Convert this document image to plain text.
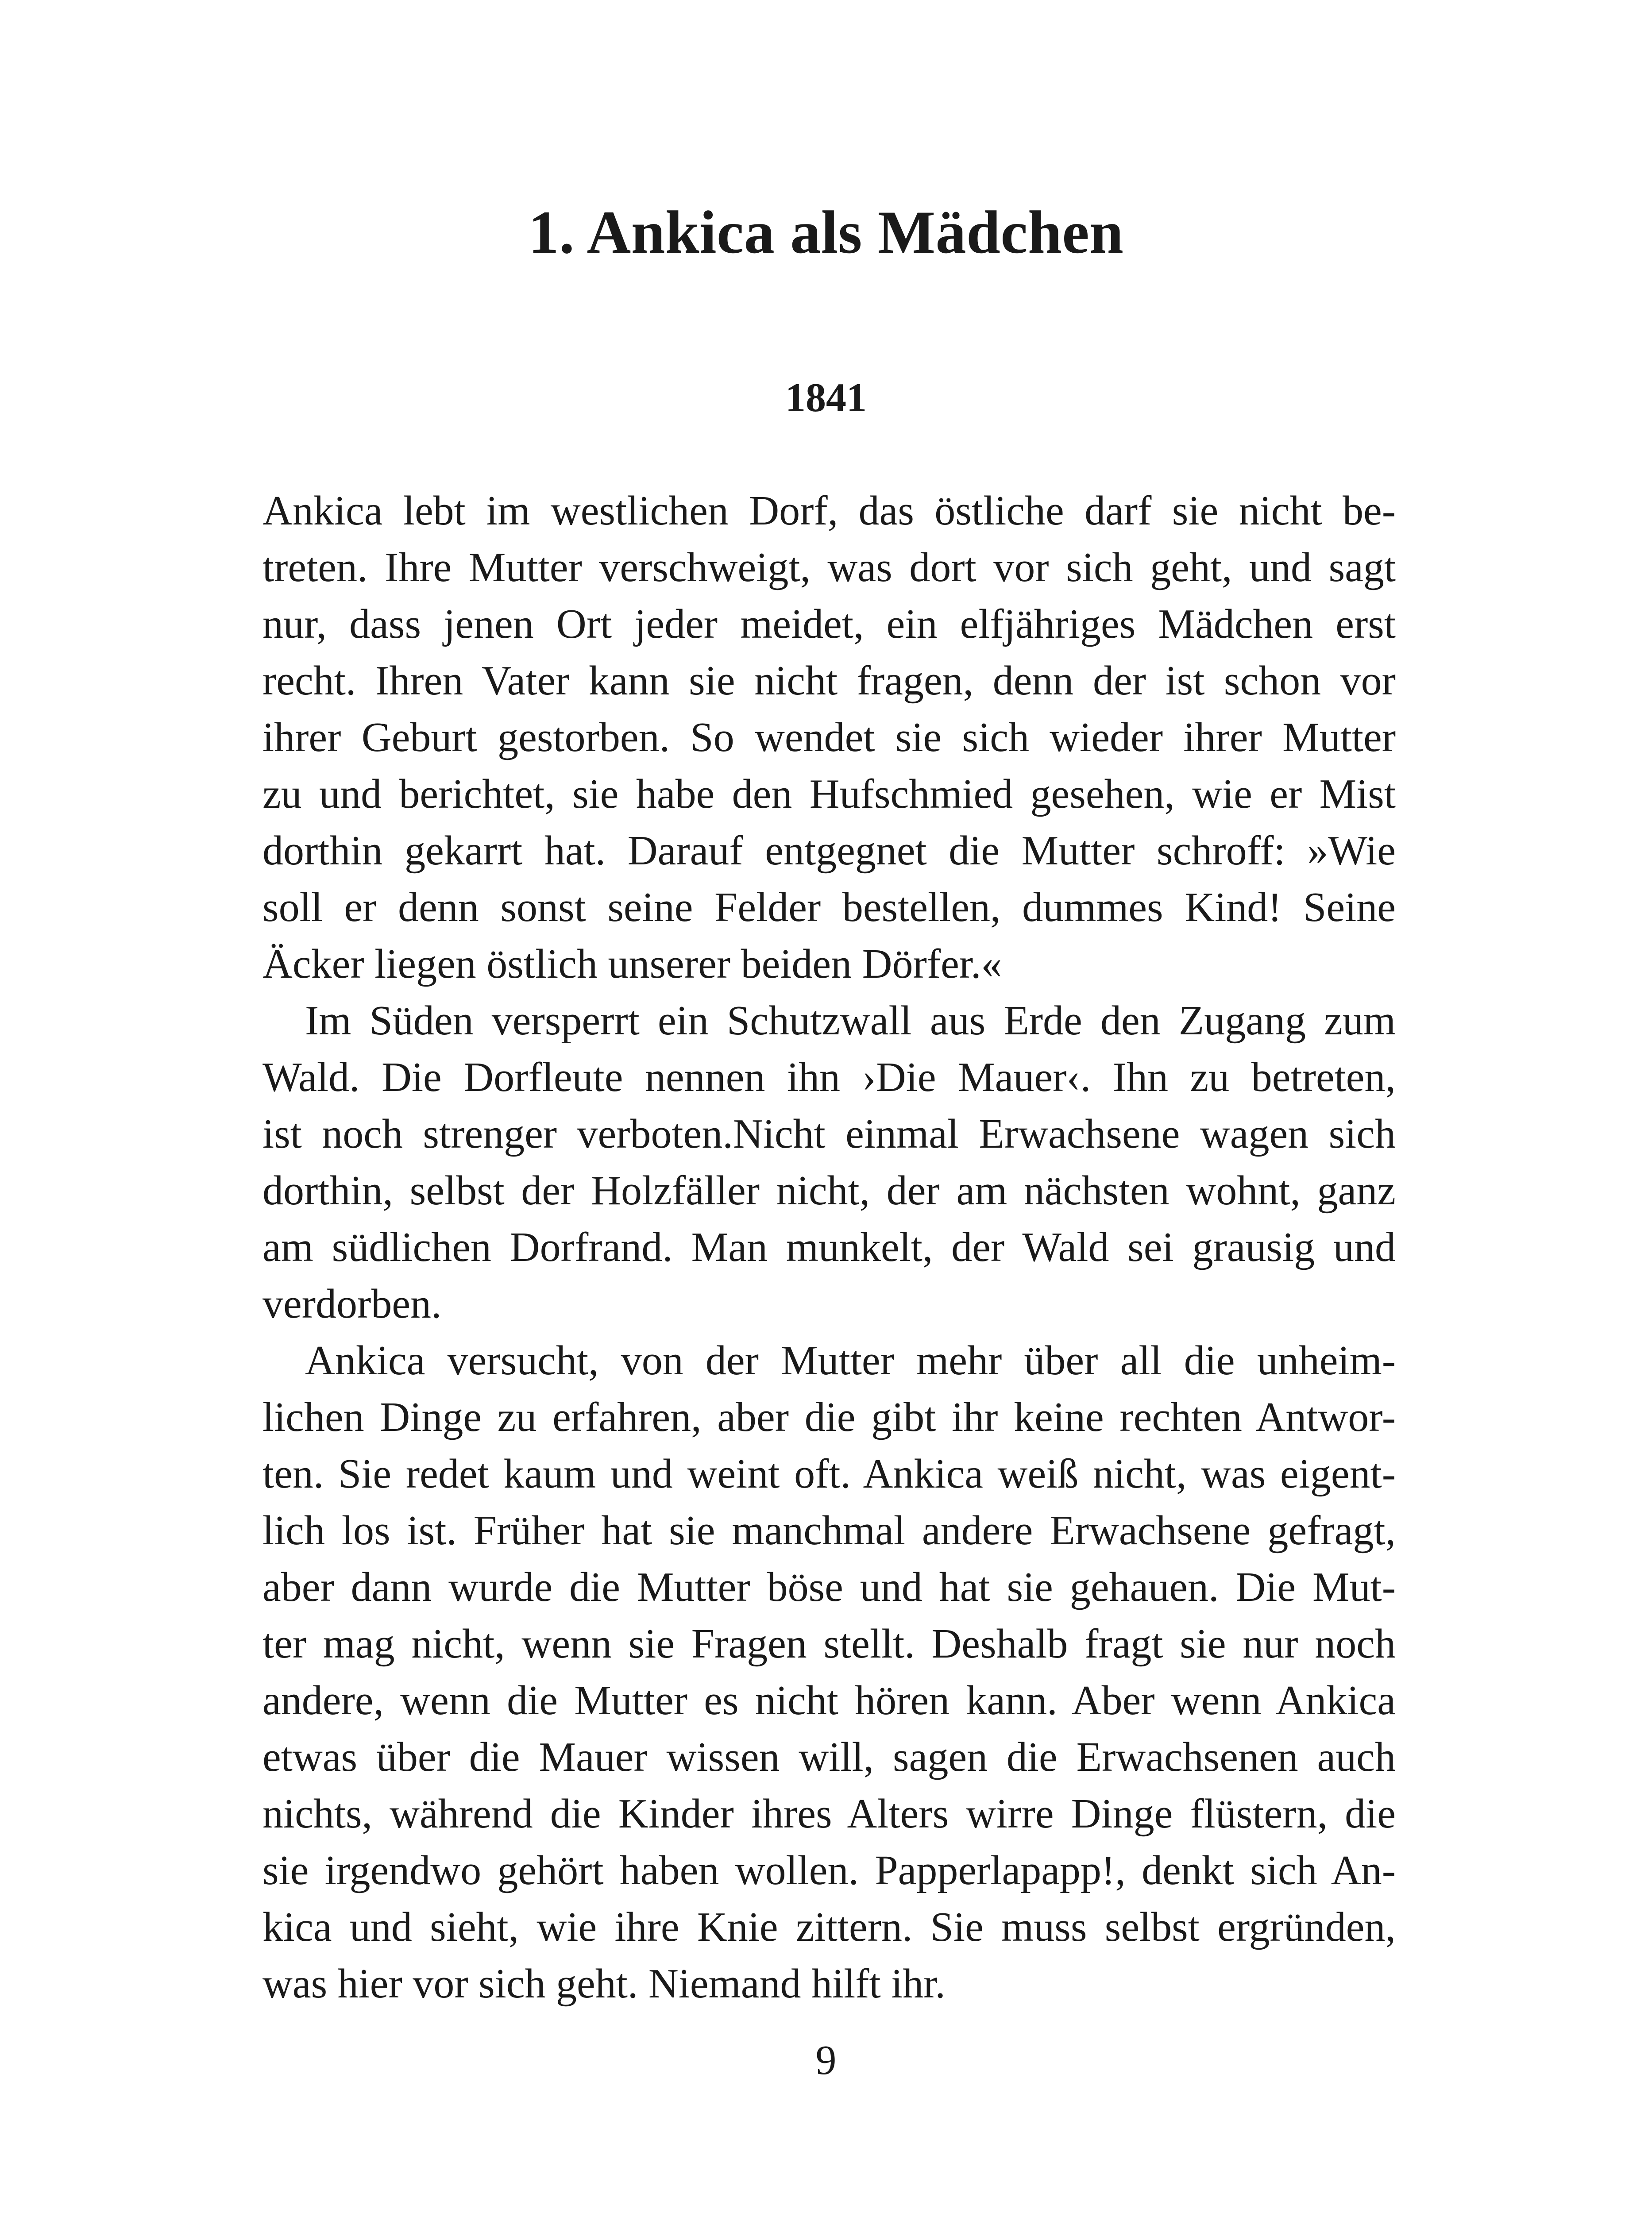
1. Ankica als Mädchen
1841
Ankica lebt im westlichen Dorf, das östliche darf sie nicht be-
treten. Ihre Mutter verschweigt, was dort vor sich geht, und sagt
nur, dass jenen Ort jeder meidet, ein elfjähriges Mädchen erst
recht. Ihren Vater kann sie nicht fragen, denn der ist schon vor
ihrer Geburt gestorben. So wendet sie sich wieder ihrer Mutter
zu und berichtet, sie habe den Hufschmied gesehen, wie er Mist
dorthin gekarrt hat. Darauf entgegnet die Mutter schroff: »Wie
soll er denn sonst seine Felder bestellen, dummes Kind! Seine
Äcker liegen östlich unserer beiden Dörfer.«
Im Süden versperrt ein Schutzwall aus Erde den Zugang zum
Wald. Die Dorfleute nennen ihn ›Die Mauer‹. Ihn zu betreten,
ist noch strenger verboten.Nicht einmal Erwachsene wagen sich
dorthin, selbst der Holzfäller nicht, der am nächsten wohnt, ganz
am südlichen Dorfrand. Man munkelt, der Wald sei grausig und
verdorben.
Ankica versucht, von der Mutter mehr über all die unheim-
lichen Dinge zu erfahren, aber die gibt ihr keine rechten Antwor-
ten. Sie redet kaum und weint oft. Ankica weiß nicht, was eigent-
lich los ist. Früher hat sie manchmal andere Erwachsene gefragt,
aber dann wurde die Mutter böse und hat sie gehauen. Die Mut-
ter mag nicht, wenn sie Fragen stellt. Deshalb fragt sie nur noch
andere, wenn die Mutter es nicht hören kann. Aber wenn Ankica
etwas über die Mauer wissen will, sagen die Erwachsenen auch
nichts, während die Kinder ihres Alters wirre Dinge flüstern, die
sie irgendwo gehört haben wollen. Papperlapapp!, denkt sich An-
kica und sieht, wie ihre Knie zittern. Sie muss selbst ergründen,
was hier vor sich geht. Niemand hilft ihr.
9
